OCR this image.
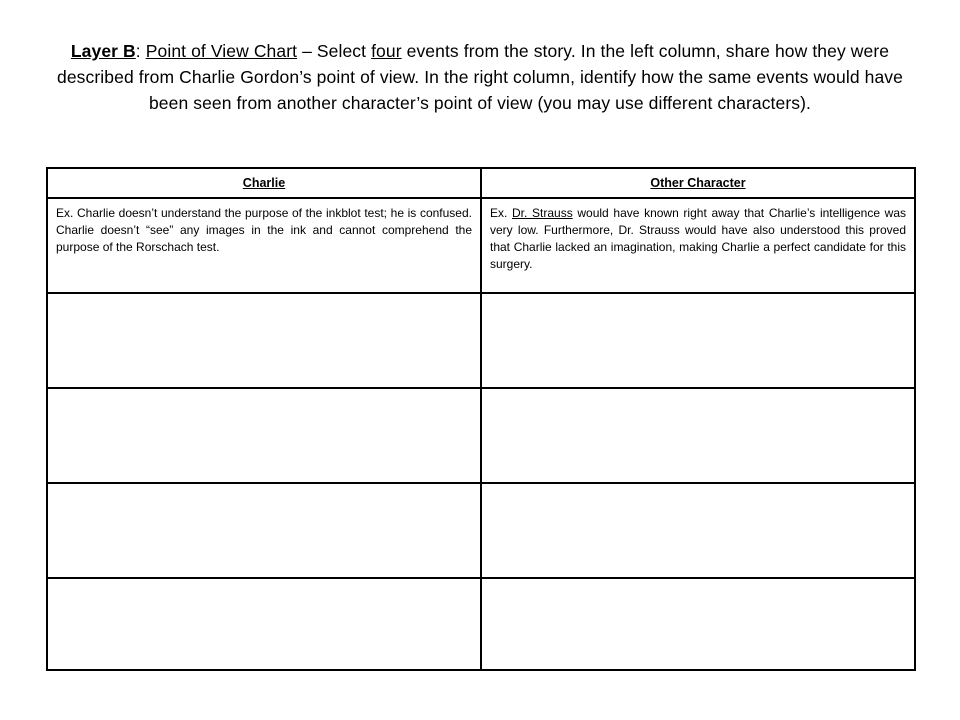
Layer B: Point of View Chart – Select four events from the story. In the left column, share how they were described from Charlie Gordon’s point of view. In the right column, identify how the same events would have been seen from another character’s point of view (you may use different characters).
Charlie	Other Character
Ex. Charlie doesn’t understand the purpose of the inkblot test; he is confused. Charlie doesn’t “see” any images in the ink and cannot comprehend the purpose of the Rorschach test.	Ex. Dr. Strauss would have known right away that Charlie’s intelligence was very low. Furthermore, Dr. Strauss would have also understood this proved that Charlie lacked an imagination, making Charlie a perfect candidate for this surgery.
